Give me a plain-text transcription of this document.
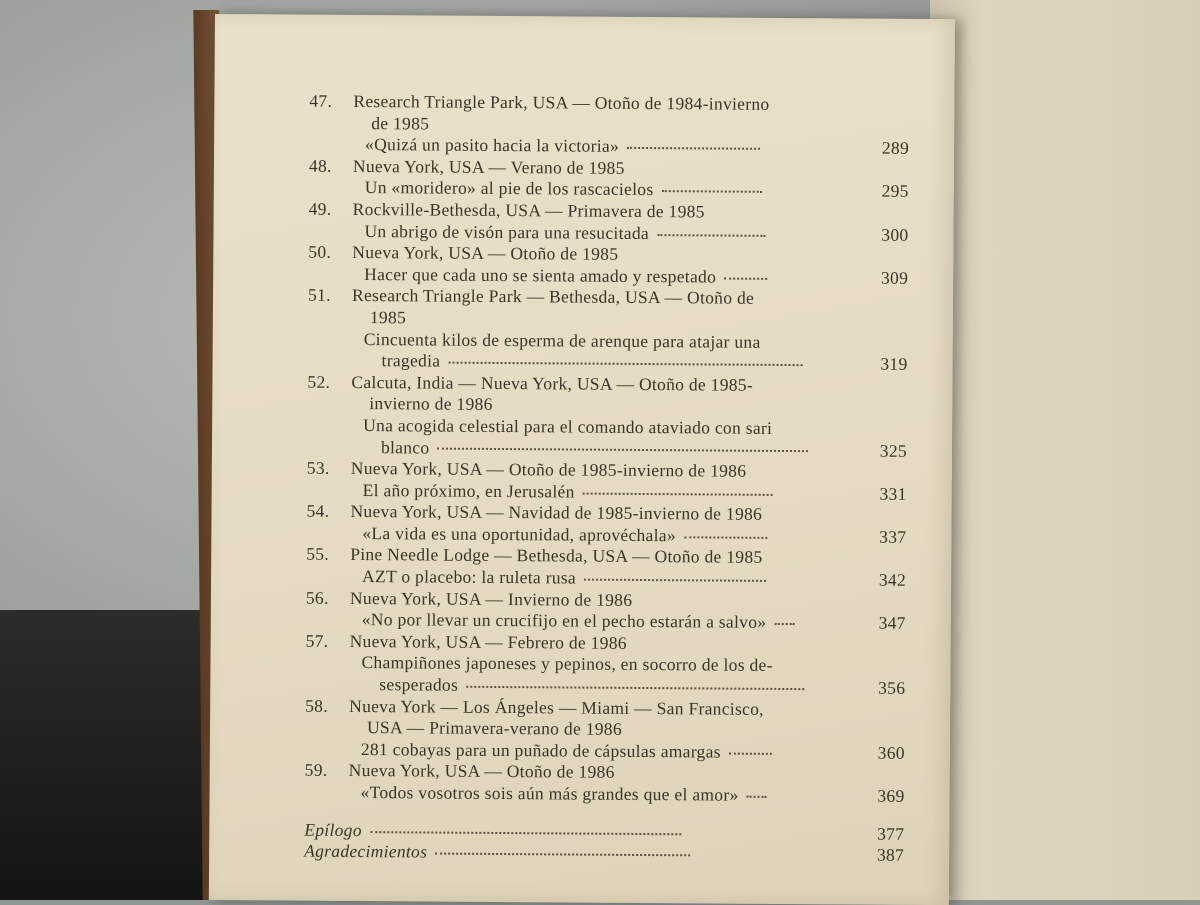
47.	Research Triangle Park, USA — Otoño de 1984-invierno
de 1985
«Quizá un pasito hacia la victoria»	289
48.	Nueva York, USA — Verano de 1985
Un «moridero» al pie de los rascacielos	295
49.	Rockville-Bethesda, USA — Primavera de 1985
Un abrigo de visón para una resucitada	300
50.	Nueva York, USA — Otoño de 1985
Hacer que cada uno se sienta amado y respetado	309
51.	Research Triangle Park — Bethesda, USA — Otoño de
1985
Cincuenta kilos de esperma de arenque para atajar una
tragedia	319
52.	Calcuta, India — Nueva York, USA — Otoño de 1985-
invierno de 1986
Una acogida celestial para el comando ataviado con sari
blanco	325
53.	Nueva York, USA — Otoño de 1985-invierno de 1986
El año próximo, en Jerusalén	331
54.	Nueva York, USA — Navidad de 1985-invierno de 1986
«La vida es una oportunidad, aprovéchala»	337
55.	Pine Needle Lodge — Bethesda, USA — Otoño de 1985
AZT o placebo: la ruleta rusa	342
56.	Nueva York, USA — Invierno de 1986
«No por llevar un crucifijo en el pecho estarán a salvo»	347
57.	Nueva York, USA — Febrero de 1986
Champiñones japoneses y pepinos, en socorro de los de-
sesperados	356
58.	Nueva York — Los Ángeles — Miami — San Francisco,
USA — Primavera-verano de 1986
281 cobayas para un puñado de cápsulas amargas	360
59.	Nueva York, USA — Otoño de 1986
«Todos vosotros sois aún más grandes que el amor»	369
Epílogo	377
Agradecimientos	387
